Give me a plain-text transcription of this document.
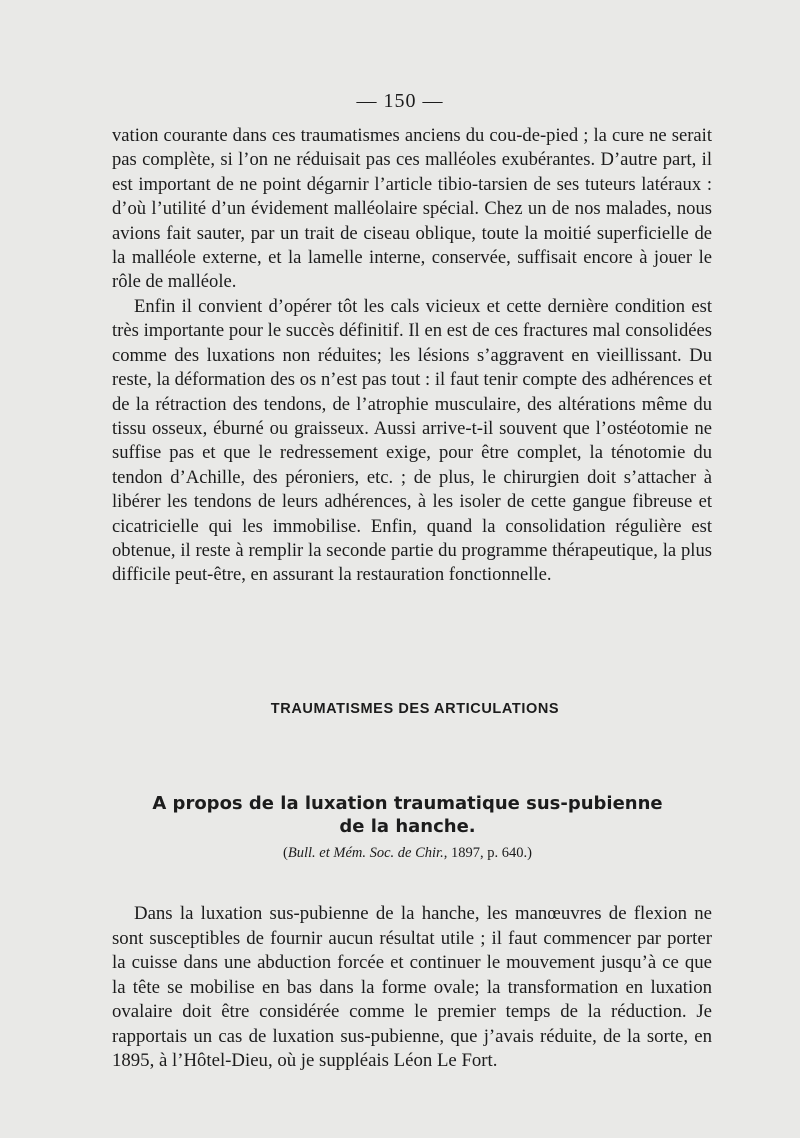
— 150 —

vation courante dans ces traumatismes anciens du cou-de-pied ; la cure ne serait pas complète, si l’on ne réduisait pas ces malléoles exubérantes. D’autre part, il est important de ne point dégarnir l’article tibio-tarsien de ses tuteurs latéraux : d’où l’utilité d’un évidement malléolaire spécial. Chez un de nos malades, nous avions fait sauter, par un trait de ciseau oblique, toute la moitié superficielle de la malléole externe, et la lamelle interne, conservée, suffisait encore à jouer le rôle de malléole.

Enfin il convient d’opérer tôt les cals vicieux et cette dernière condition est très importante pour le succès définitif. Il en est de ces fractures mal consolidées comme des luxations non réduites; les lésions s’aggravent en vieillissant. Du reste, la déformation des os n’est pas tout : il faut tenir compte des adhérences et de la rétraction des tendons, de l’atrophie musculaire, des altérations même du tissu osseux, éburné ou graisseux. Aussi arrive-t-il souvent que l’ostéotomie ne suffise pas et que le redressement exige, pour être complet, la ténotomie du tendon d’Achille, des péroniers, etc. ; de plus, le chirurgien doit s’attacher à libérer les tendons de leurs adhérences, à les isoler de cette gangue fibreuse et cicatricielle qui les immobilise. Enfin, quand la consolidation régulière est obtenue, il reste à remplir la seconde partie du programme thérapeutique, la plus difficile peut-être, en assurant la restauration fonctionnelle.

TRAUMATISMES DES ARTICULATIONS
A propos de la luxation traumatique sus-pubienne
de la hanche.
(Bull. et Mém. Soc. de Chir., 1897, p. 640.)

Dans la luxation sus-pubienne de la hanche, les manœuvres de flexion ne sont susceptibles de fournir aucun résultat utile ; il faut commencer par porter la cuisse dans une abduction forcée et continuer le mouvement jusqu’à ce que la tête se mobilise en bas dans la forme ovale; la transformation en luxation ovalaire doit être considérée comme le premier temps de la réduction. Je rapportais un cas de luxation sus-pubienne, que j’avais réduite, de la sorte, en 1895, à l’Hôtel-Dieu, où je suppléais Léon Le Fort.
